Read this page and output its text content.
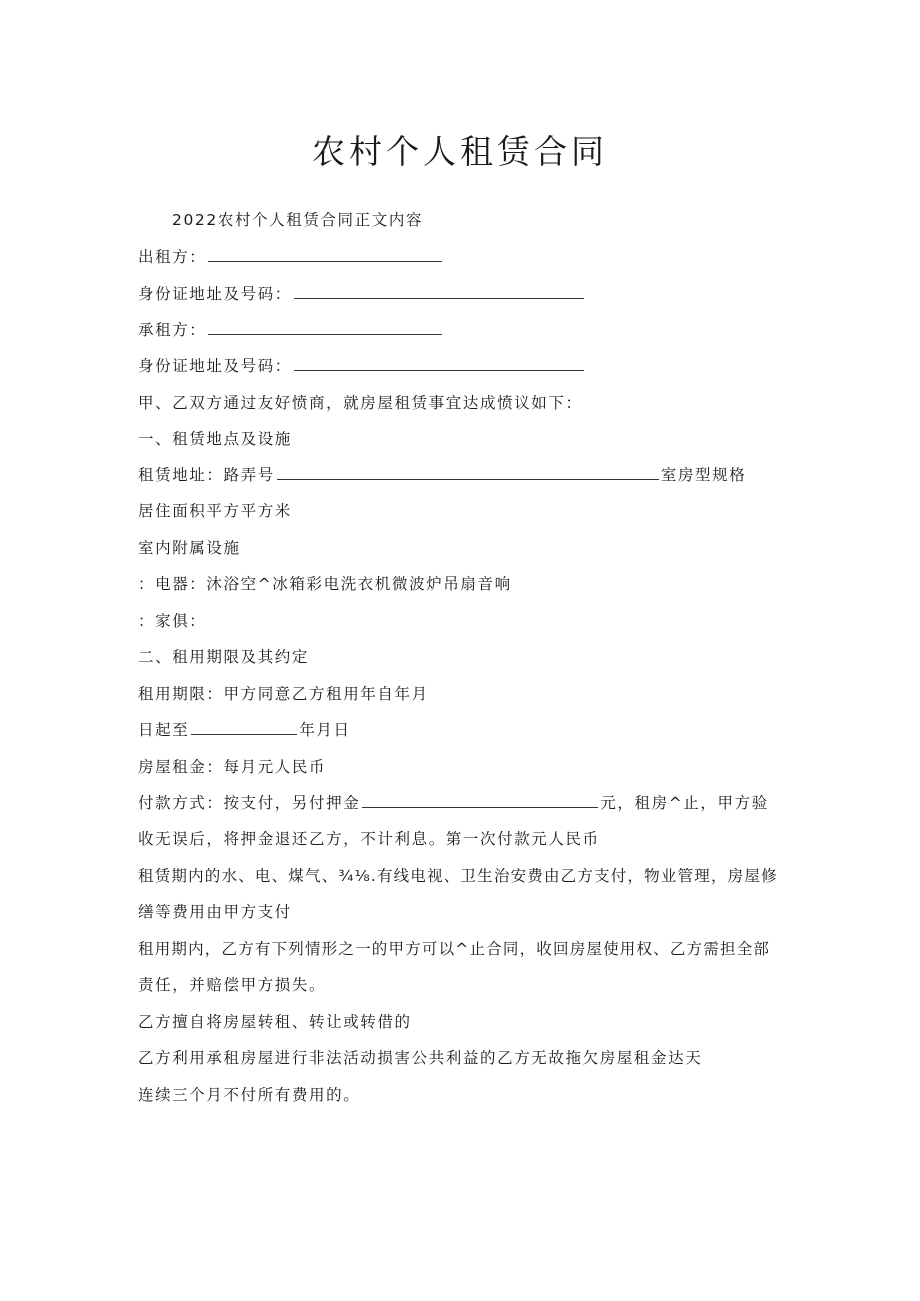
农村个人租赁合同
2022农村个人租赁合同正文内容
出租方：
身份证地址及号码：
承租方：
身份证地址及号码：
甲、乙双方通过友好愤商，就房屋租赁事宜达成愤议如下：
一、租赁地点及设施
租赁地址：路弄号	室房型规格
居住面积平方平方米
室内附属设施
：电器：沐浴空^冰箱彩电洗衣机微波炉吊扇音响
：家俱：
二、租用期限及其约定
租用期限：甲方同意乙方租用年自年月
日起至	年月日
房屋租金：每月元人民币
付款方式：按支付，另付押金	元，租房^止，甲方验
收无误后，将押金退还乙方，不计利息。第一次付款元人民币
租赁期内的水、电、煤气、¾⅛.有线电视、卫生治安费由乙方支付，物业管理，房屋修
缮等费用由甲方支付
租用期内，乙方有下列情形之一的甲方可以^止合同，收回房屋使用权、乙方需担全部
责任，并赔偿甲方损失。
乙方擅自将房屋转租、转让或转借的
乙方利用承租房屋进行非法活动损害公共利益的乙方无故拖欠房屋租金达天
连续三个月不付所有费用的。
